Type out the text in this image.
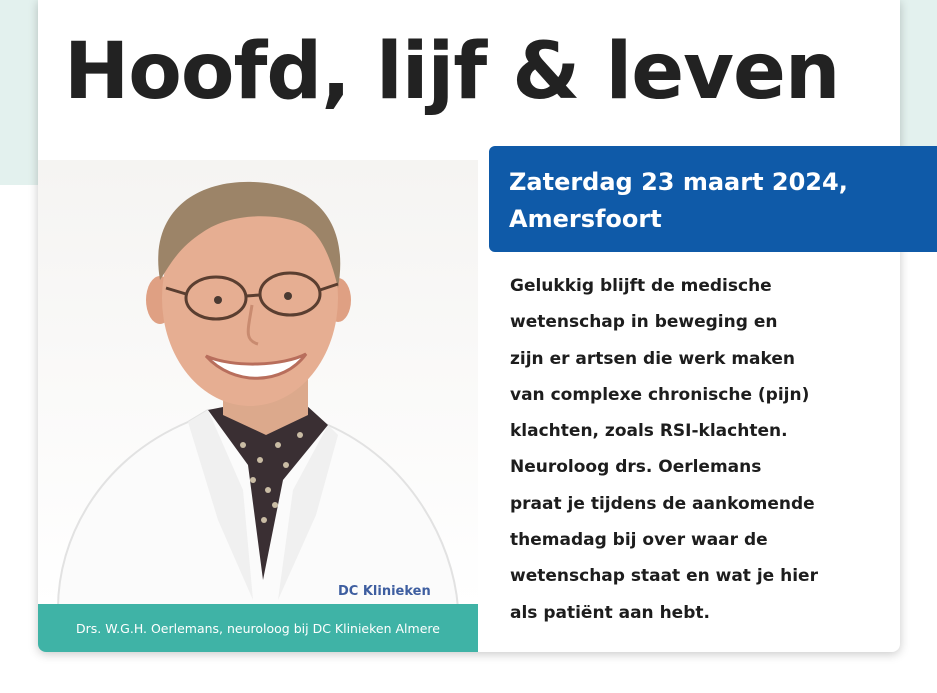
Hoofd, lijf & leven
DC Klinieken
Drs. W.G.H. Oerlemans, neuroloog bij DC Klinieken Almere
Zaterdag 23 maart 2024,
Amersfoort
Gelukkig blijft de medische
wetenschap in beweging en
zijn er artsen die werk maken
van complexe chronische (pijn)
klachten, zoals RSI-klachten.
Neuroloog drs. Oerlemans
praat je tijdens de aankomende
themadag bij over waar de
wetenschap staat en wat je hier
als patiënt aan hebt.
